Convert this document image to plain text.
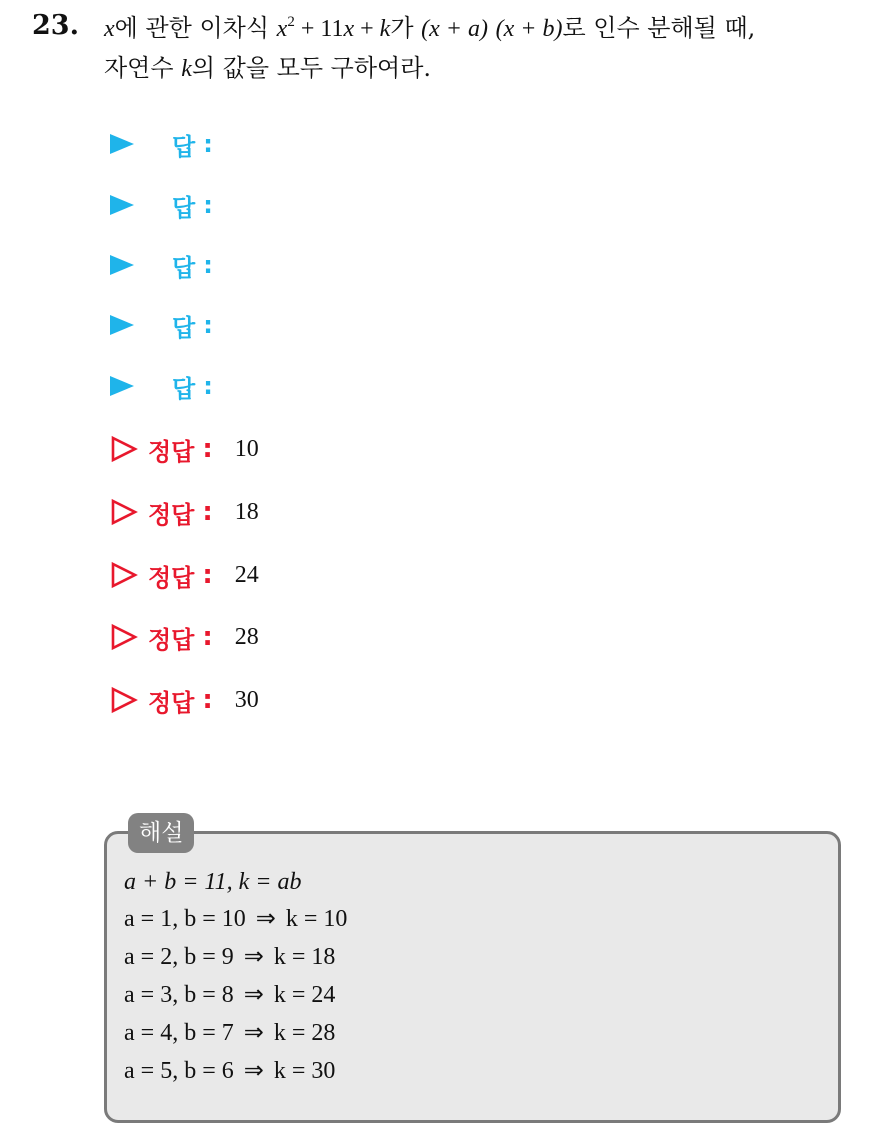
23. x에 관한 이차식 $x^2 + 11x + k$가 (x + a) (x + b)로 인수 분해될 때,
자연수 k의 값을 모두 구하여라.
답 :
답 :
답 :
답 :
답 :
정답 : 10
정답 : 18
정답 : 24
정답 : 28
정답 : 30
해설
a + b = 11, k = ab
a = 1, b = 10 ⇒ k = 10
a = 2, b = 9 ⇒ k = 18
a = 3, b = 8 ⇒ k = 24
a = 4, b = 7 ⇒ k = 28
a = 5, b = 6 ⇒ k = 30
